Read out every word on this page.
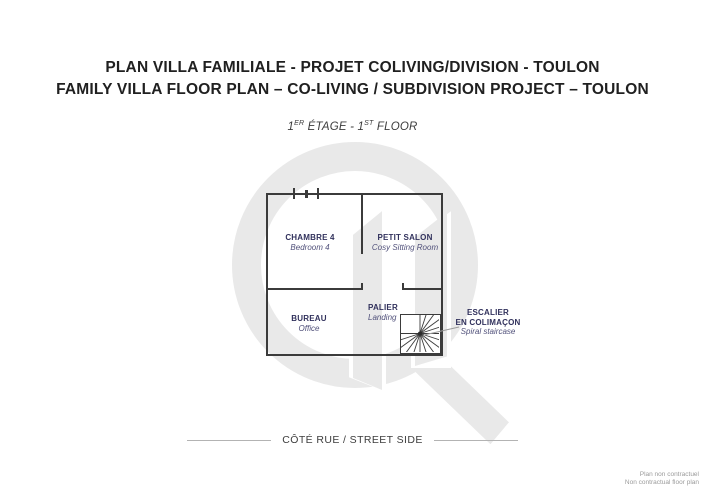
PLAN VILLA FAMILIALE - PROJET COLIVING/DIVISION - TOULON
FAMILY VILLA FLOOR PLAN – CO-LIVING / SUBDIVISION PROJECT – TOULON
1ER ÉTAGE - 1ST FLOOR
CHAMBRE 4
Bedroom 4
PETIT SALON
Cosy Sitting Room
BUREAU
Office
PALIER
Landing	ESCALIER
EN COLIMAÇON
Spiral staircase
CÔTÉ RUE / STREET SIDE
Plan non contractuel
Non contractual floor plan
